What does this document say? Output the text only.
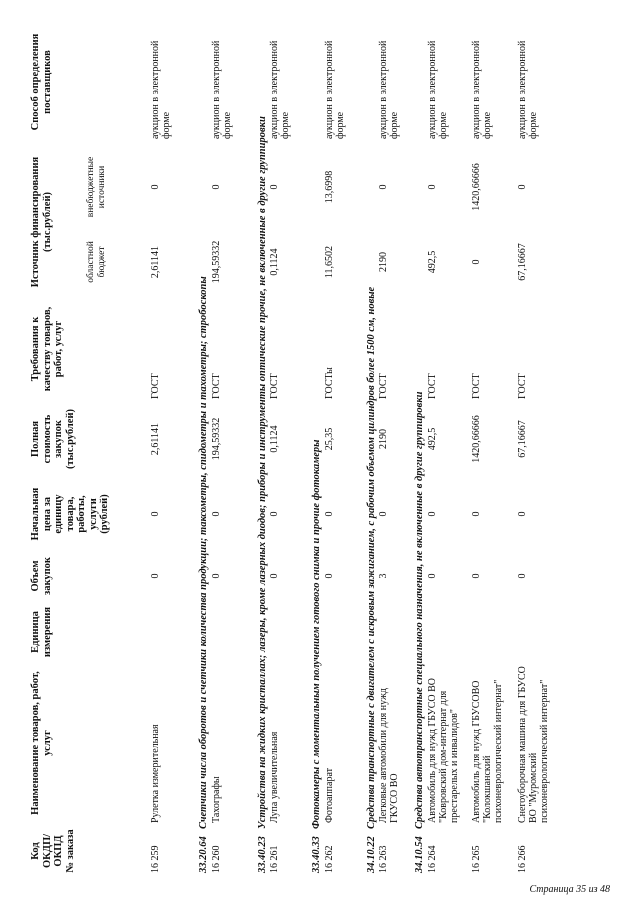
Код ОКДП/ ОКПД № заказа
Наименование товаров, работ, услуг
Единица измерения
Объем закупок
Начальная цена за единицу товара, работы, услуги (рублей)
Полная стоимость закупок (тыс.рублей)
Требования к качеству товаров, работ, услуг
Источник финансирования (тыс.рублей)
областной бюджет
внебюджетные источники
Способ определения поставщиков
16 259
Рулетка измерительная
0
0
2,61141
ГОСТ
2,61141
0
аукцион в электронной форме
33.20.64Счетчики числа оборотов и счетчики количества продукции; таксометры, спидометры и тахометры; стробоскопы
16 260
Тахографы
0
0
194,59332
ГОСТ
194,59332
0
аукцион в электронной форме
33.40.23Устройства на жидких кристаллах; лазеры, кроме лазерных диодов; приборы и инструменты оптические прочие, не включенные в другие группировки
16 261
Лупа увеличительная
0
0
0,1124
ГОСТ
0,1124
0
аукцион в электронной форме
33.40.33Фотокамеры с моментальным получением готового снимка и прочие фотокамеры
16 262
Фотоаппарат
0
0
25,35
ГОСТы
11,6502
13,6998
аукцион в электронной форме
34.10.22Средства транспортные с двигателем с искровым зажиганием, с рабочим объемом цилиндров более 1500 см, новые
16 263
Легковые автомобили для нужд ГКУСО ВО
3
0
2190
ГОСТ
2190
0
аукцион в электронной форме
34.10.54Средства автотранспортные специального назначения, не включенные в другие группировки
16 264
Автомобиль для нужд ГБУСО ВО "Ковровский дом-интернат для престарелых и инвалидов"
0
0
492,5
ГОСТ
492,5
0
аукцион в электронной форме
16 265
Автомобиль для нужд ГБУСОВО "Колокшанский психоневрологический интернат"
0
0
1420,66666
ГОСТ
0
1420,66666
аукцион в электронной форме
16 266
Снегоуборочная машина для ГБУСО ВО "Муромский психоневрологический интернат"
0
0
67,16667
ГОСТ
67,16667
0
аукцион в электронной форме
Страница 35 из 48
